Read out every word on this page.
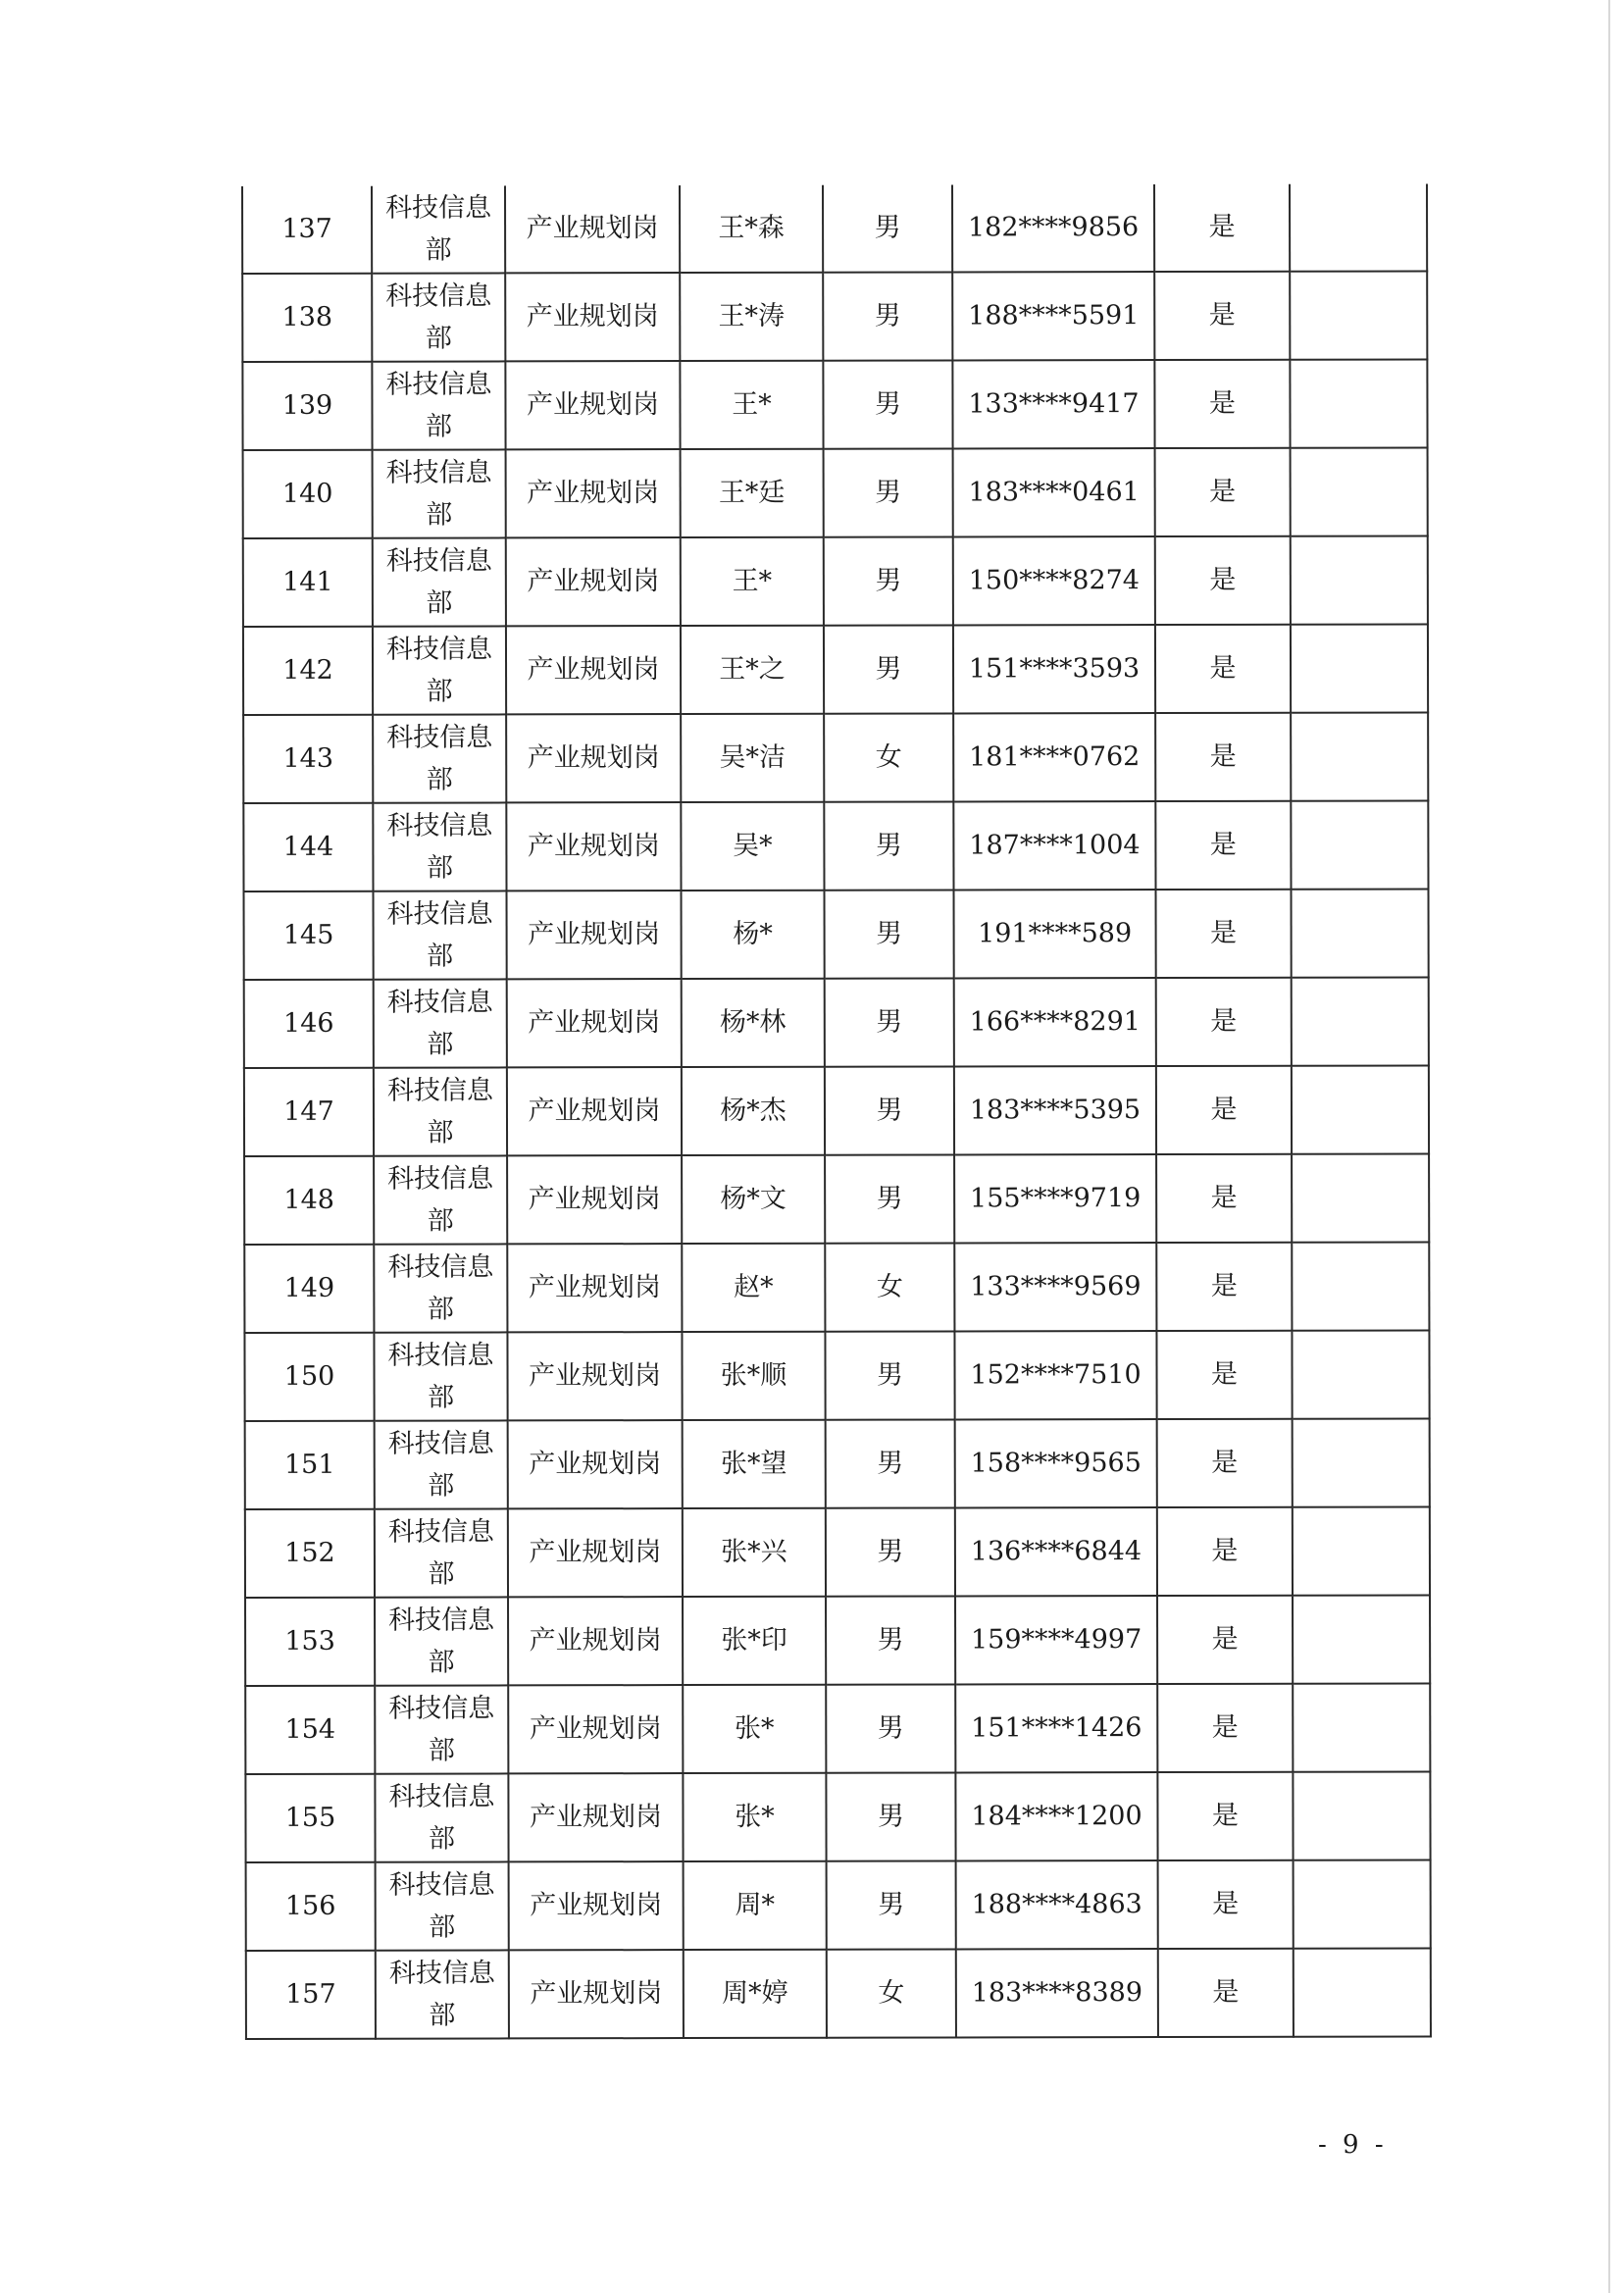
137	科技信息部	产业规划岗	王*森	男	182****9856	是	
138	科技信息部	产业规划岗	王*涛	男	188****5591	是	
139	科技信息部	产业规划岗	王*	男	133****9417	是	
140	科技信息部	产业规划岗	王*廷	男	183****0461	是	
141	科技信息部	产业规划岗	王*	男	150****8274	是	
142	科技信息部	产业规划岗	王*之	男	151****3593	是	
143	科技信息部	产业规划岗	吴*洁	女	181****0762	是	
144	科技信息部	产业规划岗	吴*	男	187****1004	是	
145	科技信息部	产业规划岗	杨*	男	191****589	是	
146	科技信息部	产业规划岗	杨*林	男	166****8291	是	
147	科技信息部	产业规划岗	杨*杰	男	183****5395	是	
148	科技信息部	产业规划岗	杨*文	男	155****9719	是	
149	科技信息部	产业规划岗	赵*	女	133****9569	是	
150	科技信息部	产业规划岗	张*顺	男	152****7510	是	
151	科技信息部	产业规划岗	张*望	男	158****9565	是	
152	科技信息部	产业规划岗	张*兴	男	136****6844	是	
153	科技信息部	产业规划岗	张*印	男	159****4997	是	
154	科技信息部	产业规划岗	张*	男	151****1426	是	
155	科技信息部	产业规划岗	张*	男	184****1200	是	
156	科技信息部	产业规划岗	周*	男	188****4863	是	
157	科技信息部	产业规划岗	周*婷	女	183****8389	是	
- 9 -
